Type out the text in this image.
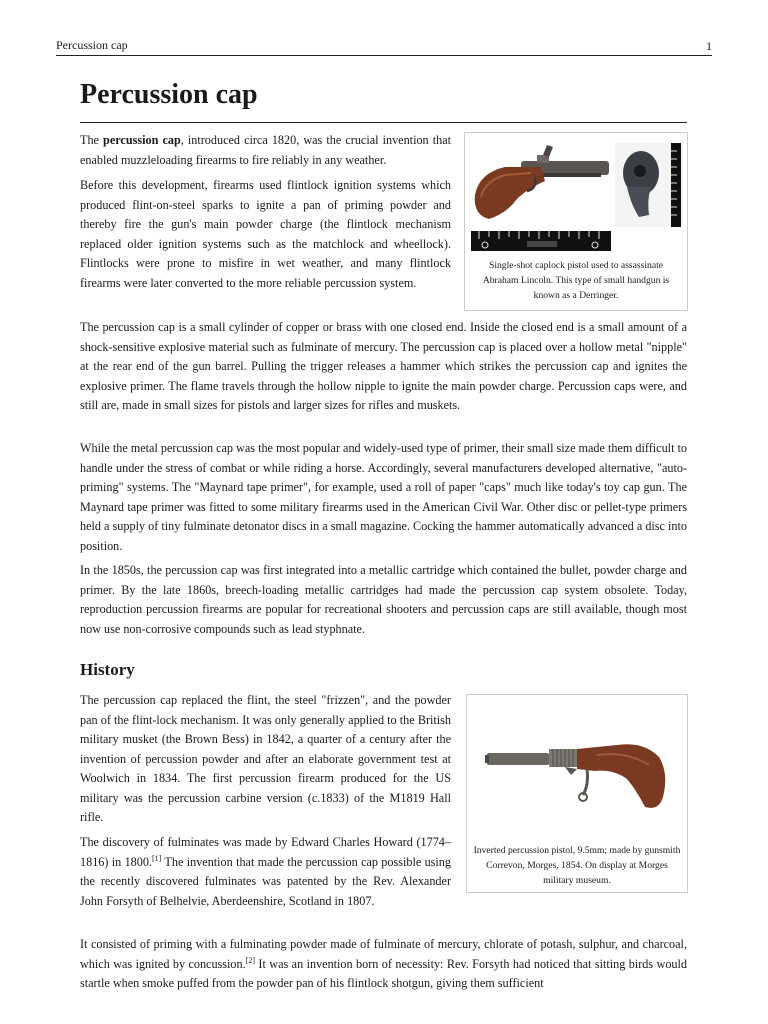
Percussion cap	1
Percussion cap

The percussion cap, introduced circa 1820, was the crucial invention that enabled muzzleloading firearms to fire reliably in any weather.

Before this development, firearms used flintlock ignition systems which produced flint-on-steel sparks to ignite a pan of priming powder and thereby fire the gun's main powder charge (the flintlock mechanism replaced older ignition systems such as the matchlock and wheellock). Flintlocks were prone to misfire in wet weather, and many flintlock firearms were later converted to the more reliable percussion system.

Single-shot caplock pistol used to assassinate Abraham Lincoln. This type of small handgun is known as a Derringer.

The percussion cap is a small cylinder of copper or brass with one closed end. Inside the closed end is a small amount of a shock-sensitive explosive material such as fulminate of mercury. The percussion cap is placed over a hollow metal "nipple" at the rear end of the gun barrel. Pulling the trigger releases a hammer which strikes the percussion cap and ignites the explosive primer. The flame travels through the hollow nipple to ignite the main powder charge. Percussion caps were, and still are, made in small sizes for pistols and larger sizes for rifles and muskets.

While the metal percussion cap was the most popular and widely-used type of primer, their small size made them difficult to handle under the stress of combat or while riding a horse. Accordingly, several manufacturers developed alternative, "auto-priming" systems. The "Maynard tape primer", for example, used a roll of paper "caps" much like today's toy cap gun. The Maynard tape primer was fitted to some military firearms used in the American Civil War. Other disc or pellet-type primers held a supply of tiny fulminate detonator discs in a small magazine. Cocking the hammer automatically advanced a disc into position.

In the 1850s, the percussion cap was first integrated into a metallic cartridge which contained the bullet, powder charge and primer. By the late 1860s, breech-loading metallic cartridges had made the percussion cap system obsolete. Today, reproduction percussion firearms are popular for recreational shooters and percussion caps are still available, though most now use non-corrosive compounds such as lead styphnate.

History

The percussion cap replaced the flint, the steel "frizzen", and the powder pan of the flint-lock mechanism. It was only generally applied to the British military musket (the Brown Bess) in 1842, a quarter of a century after the invention of percussion powder and after an elaborate government test at Woolwich in 1834. The first percussion firearm produced for the US military was the percussion carbine version (c.1833) of the M1819 Hall rifle.

Inverted percussion pistol, 9.5mm; made by gunsmith Correvon, Morges, 1854. On display at Morges military museum.

The discovery of fulminates was made by Edward Charles Howard (1774–1816) in 1800.[1] The invention that made the percussion cap possible using the recently discovered fulminates was patented by the Rev. Alexander John Forsyth of Belhelvie, Aberdeenshire, Scotland in 1807.

It consisted of priming with a fulminating powder made of fulminate of mercury, chlorate of potash, sulphur, and charcoal, which was ignited by concussion.[2] It was an invention born of necessity: Rev. Forsyth had noticed that sitting birds would startle when smoke puffed from the powder pan of his flintlock shotgun, giving them sufficient
